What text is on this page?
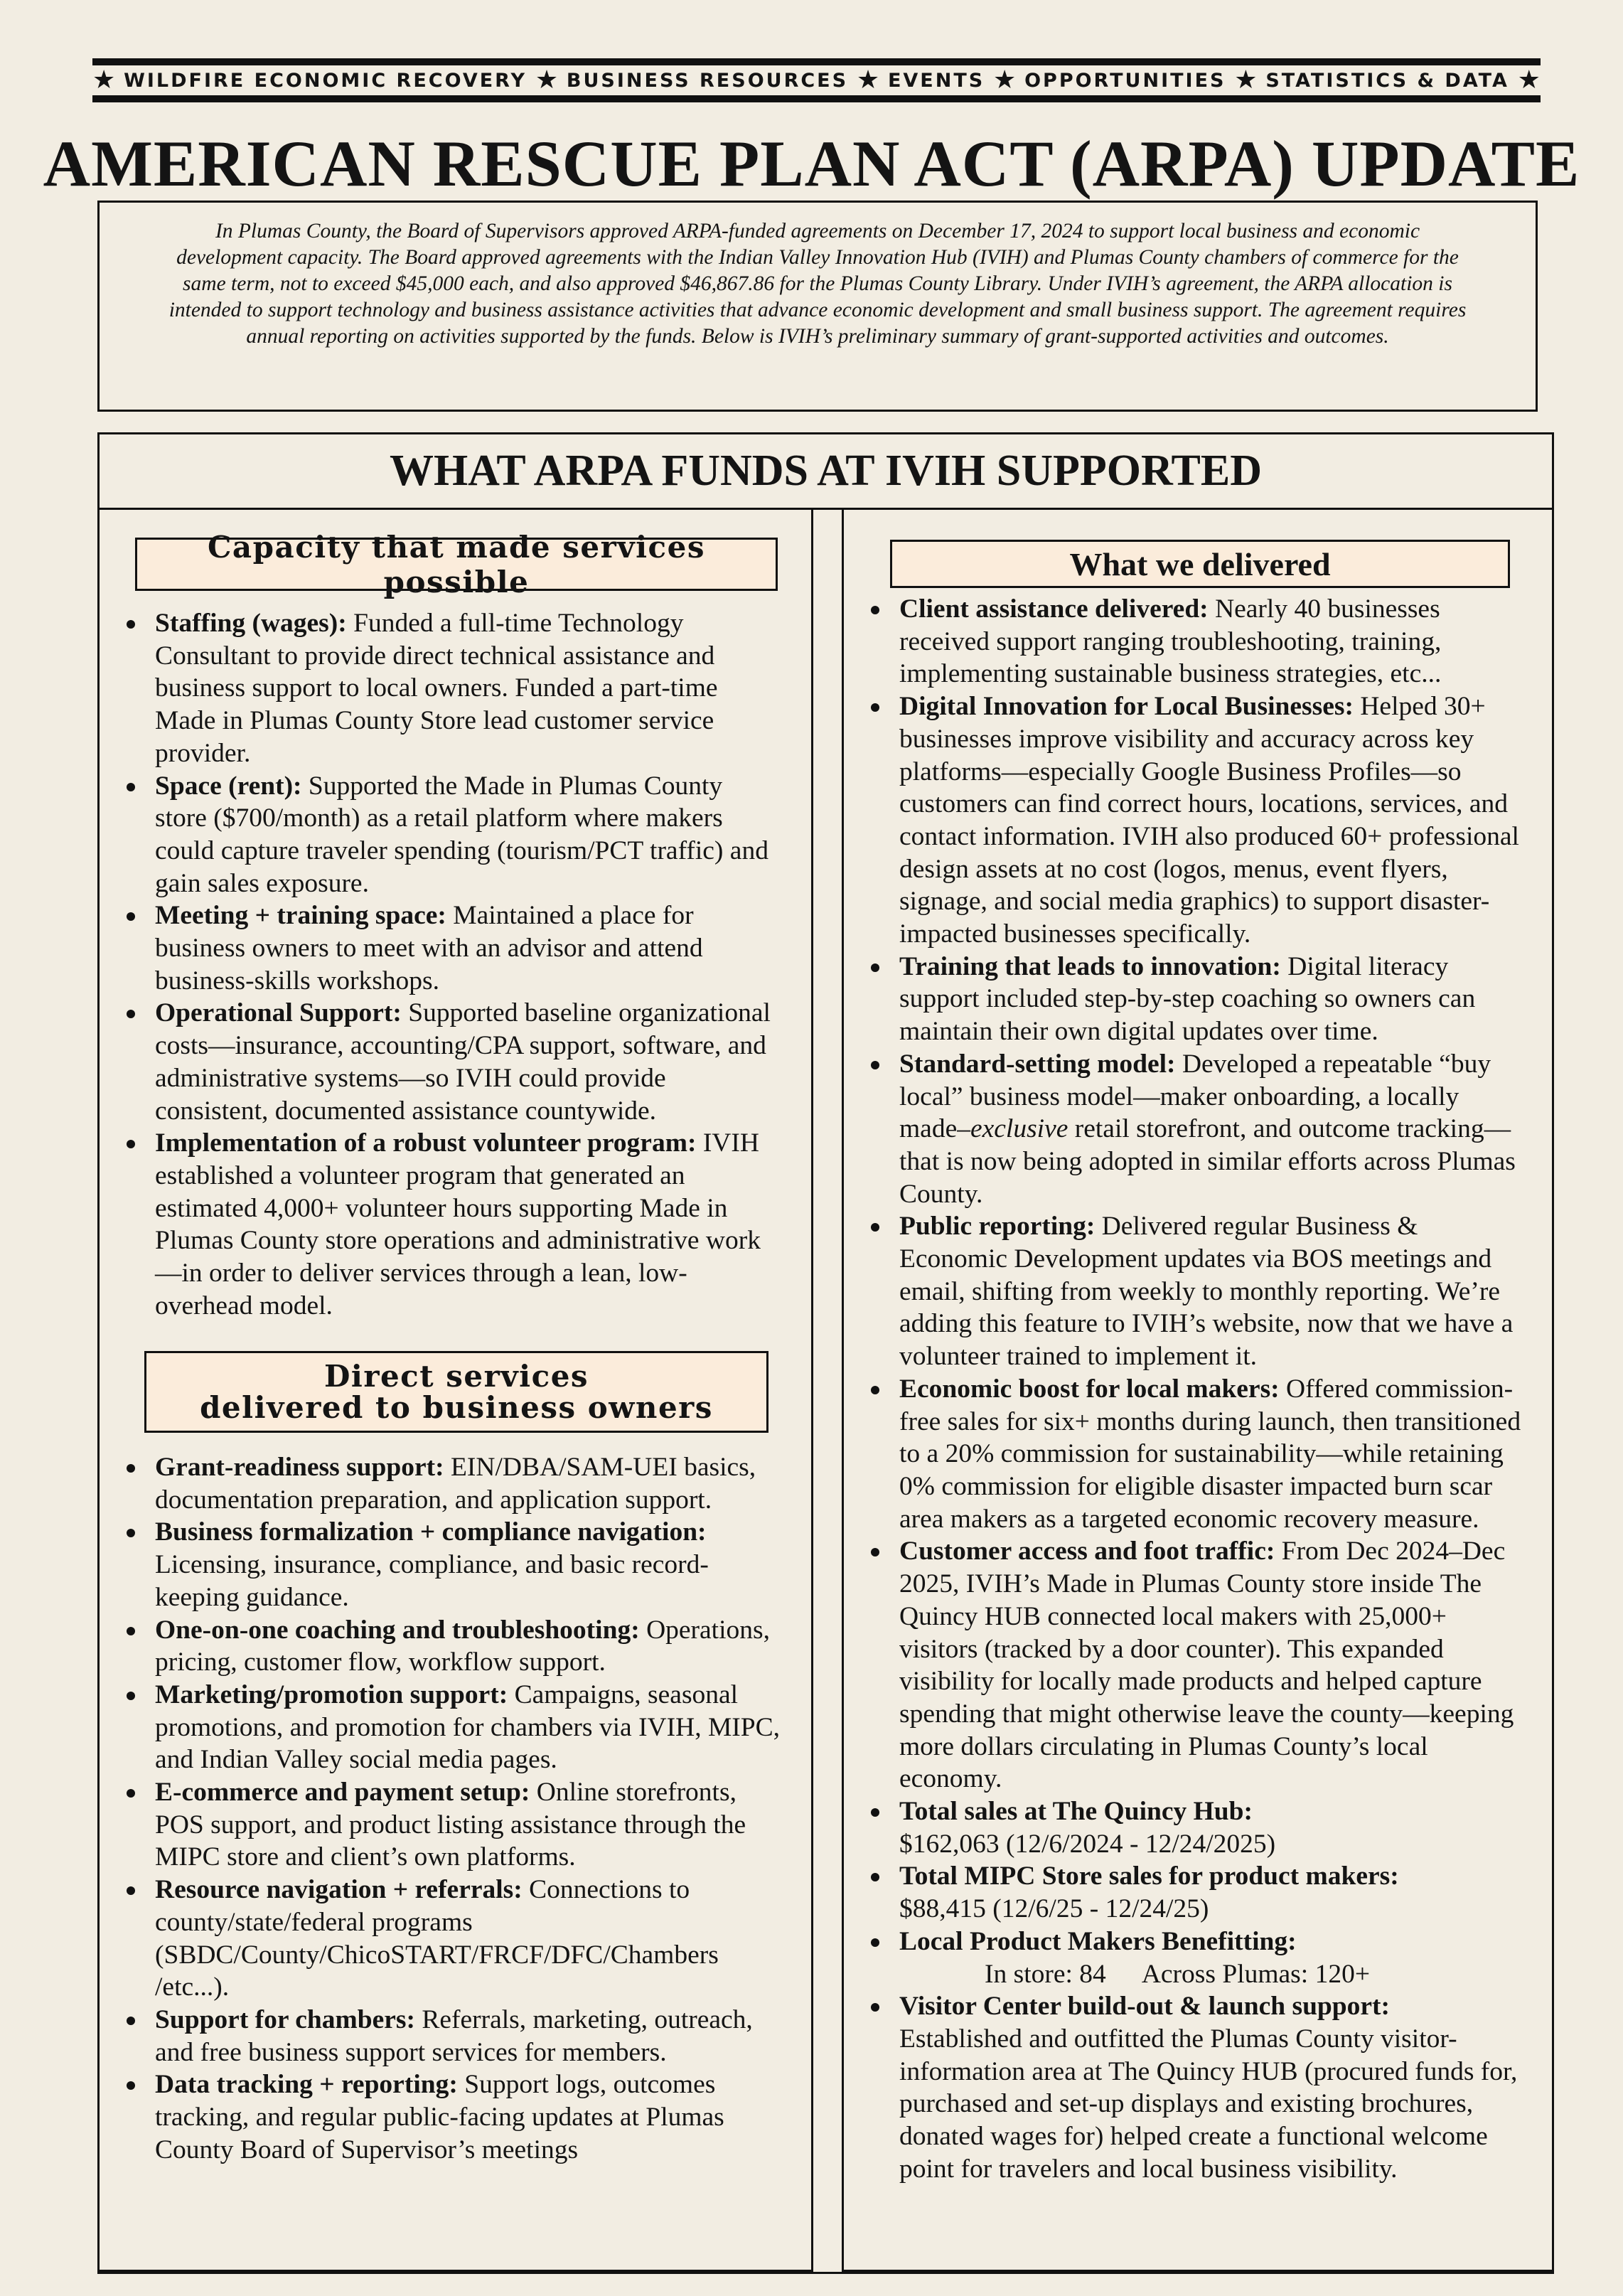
★ WILDFIRE ECONOMIC RECOVERY ★ BUSINESS RESOURCES ★ EVENTS ★ OPPORTUNITIES ★ STATISTICS & DATA ★
AMERICAN RESCUE PLAN ACT (ARPA) UPDATE
In Plumas County, the Board of Supervisors approved ARPA-funded agreements on December 17, 2024 to support local business and economic development capacity. The Board approved agreements with the Indian Valley Innovation Hub (IVIH) and Plumas County chambers of commerce for the same term, not to exceed $45,000 each, and also approved $46,867.86 for the Plumas County Library. Under IVIH’s agreement, the ARPA allocation is intended to support technology and business assistance activities that advance economic development and small business support. The agreement requires annual reporting on activities supported by the funds. Below is IVIH’s preliminary summary of grant-supported activities and outcomes.
WHAT ARPA FUNDS AT IVIH SUPPORTED
Capacity that made services possible
Staffing (wages): Funded a full-time Technology Consultant to provide direct technical assistance and business support to local owners. Funded a part-time Made in Plumas County Store lead customer service provider.
Space (rent): Supported the Made in Plumas County store ($700/month) as a retail platform where makers could capture traveler spending (tourism/PCT traffic) and gain sales exposure.
Meeting + training space: Maintained a place for business owners to meet with an advisor and attend business-skills workshops.
Operational Support: Supported baseline organizational costs—insurance, accounting/CPA support, software, and administrative systems—so IVIH could provide consistent, documented assistance countywide.
Implementation of a robust volunteer program: IVIH established a volunteer program that generated an estimated 4,000+ volunteer hours supporting Made in Plumas County store operations and administrative work—in order to deliver services through a lean, low-overhead model.
Direct services
delivered to business owners
Grant-readiness support: EIN/DBA/SAM-UEI basics, documentation preparation, and application support.
Business formalization + compliance navigation: Licensing, insurance, compliance, and basic record-keeping guidance.
One-on-one coaching and troubleshooting: Operations, pricing, customer flow, workflow support.
Marketing/promotion support: Campaigns, seasonal promotions, and promotion for chambers via IVIH, MIPC, and Indian Valley social media pages.
E-commerce and payment setup: Online storefronts, POS support, and product listing assistance through the MIPC store and client’s own platforms.
Resource navigation + referrals: Connections to county/state/federal programs (SBDC/County/ChicoSTART/FRCF/DFC/Chambers /etc...).
Support for chambers: Referrals, marketing, outreach, and free business support services for members.
Data tracking + reporting: Support logs, outcomes tracking, and regular public-facing updates at Plumas County Board of Supervisor’s meetings
What we delivered
Client assistance delivered: Nearly 40 businesses received support ranging troubleshooting, training, implementing sustainable business strategies, etc...
Digital Innovation for Local Businesses: Helped 30+ businesses improve visibility and accuracy across key platforms—especially Google Business Profiles—so customers can find correct hours, locations, services, and contact information. IVIH also produced 60+ professional design assets at no cost (logos, menus, event flyers, signage, and social media graphics) to support disaster-impacted businesses specifically.
Training that leads to innovation: Digital literacy support included step-by-step coaching so owners can maintain their own digital updates over time.
Standard-setting model: Developed a repeatable “buy local” business model—maker onboarding, a locally made–exclusive retail storefront, and outcome tracking—that is now being adopted in similar efforts across Plumas County.
Public reporting: Delivered regular Business & Economic Development updates via BOS meetings and email, shifting from weekly to monthly reporting. We’re adding this feature to IVIH’s website, now that we have a volunteer trained to implement it.
Economic boost for local makers: Offered commission-free sales for six+ months during launch, then transitioned to a 20% commission for sustainability—while retaining 0% commission for eligible disaster impacted burn scar area makers as a targeted economic recovery measure.
Customer access and foot traffic: From Dec 2024–Dec 2025, IVIH’s Made in Plumas County store inside The Quincy HUB connected local makers with 25,000+ visitors (tracked by a door counter). This expanded visibility for locally made products and helped capture spending that might otherwise leave the county—keeping more dollars circulating in Plumas County’s local economy.
Total sales at The Quincy Hub:
$162,063 (12/6/2024 - 12/24/2025)
Total MIPC Store sales for product makers:
$88,415 (12/6/25 - 12/24/25)
Local Product Makers Benefitting:
In store: 84 Across Plumas: 120+
Visitor Center build-out & launch support:
Established and outfitted the Plumas County visitor-information area at The Quincy HUB (procured funds for, purchased and set-up displays and existing brochures, donated wages for) helped create a functional welcome point for travelers and local business visibility.
